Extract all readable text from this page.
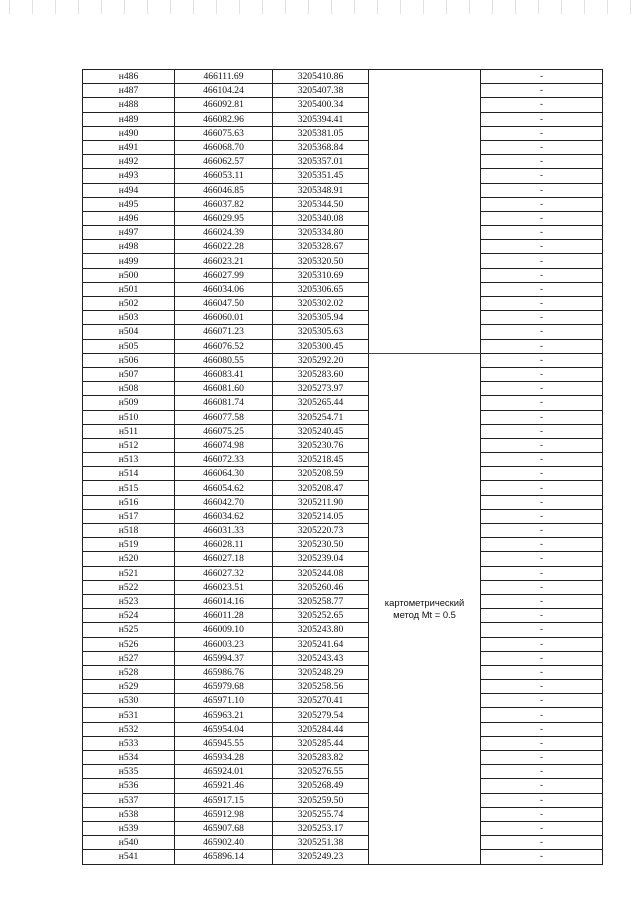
н486	466111.69	3205410.86		-
н487	466104.24	3205407.38		-
н488	466092.81	3205400.34		-
н489	466082.96	3205394.41		-
н490	466075.63	3205381.05		-
н491	466068.70	3205368.84		-
н492	466062.57	3205357.01		-
н493	466053.11	3205351.45		-
н494	466046.85	3205348.91		-
н495	466037.82	3205344.50		-
н496	466029.95	3205340.08		-
н497	466024.39	3205334.80		-
н498	466022.28	3205328.67		-
н499	466023.21	3205320.50		-
н500	466027.99	3205310.69		-
н501	466034.06	3205306.65		-
н502	466047.50	3205302.02		-
н503	466060.01	3205305.94		-
н504	466071.23	3205305.63		-
н505	466076.52	3205300.45		-
н506	466080.55	3205292.20	картометрический
метод Mt = 0.5	-
н507	466083.41	3205283.60		-
н508	466081.60	3205273.97		-
н509	466081.74	3205265.44		-
н510	466077.58	3205254.71		-
н511	466075.25	3205240.45		-
н512	466074.98	3205230.76		-
н513	466072.33	3205218.45		-
н514	466064.30	3205208.59		-
н515	466054.62	3205208.47		-
н516	466042.70	3205211.90		-
н517	466034.62	3205214.05		-
н518	466031.33	3205220.73		-
н519	466028.11	3205230.50		-
н520	466027.18	3205239.04		-
н521	466027.32	3205244.08		-
н522	466023.51	3205260.46		-
н523	466014.16	3205258.77		-
н524	466011.28	3205252.65		-
н525	466009.10	3205243.80		-
н526	466003.23	3205241.64		-
н527	465994.37	3205243.43		-
н528	465986.76	3205248.29		-
н529	465979.68	3205258.56		-
н530	465971.10	3205270.41		-
н531	465963.21	3205279.54		-
н532	465954.04	3205284.44		-
н533	465945.55	3205285.44		-
н534	465934.28	3205283.82		-
н535	465924.01	3205276.55		-
н536	465921.46	3205268.49		-
н537	465917.15	3205259.50		-
н538	465912.98	3205255.74		-
н539	465907.68	3205253.17		-
н540	465902.40	3205251.38		-
н541	465896.14	3205249.23		-
